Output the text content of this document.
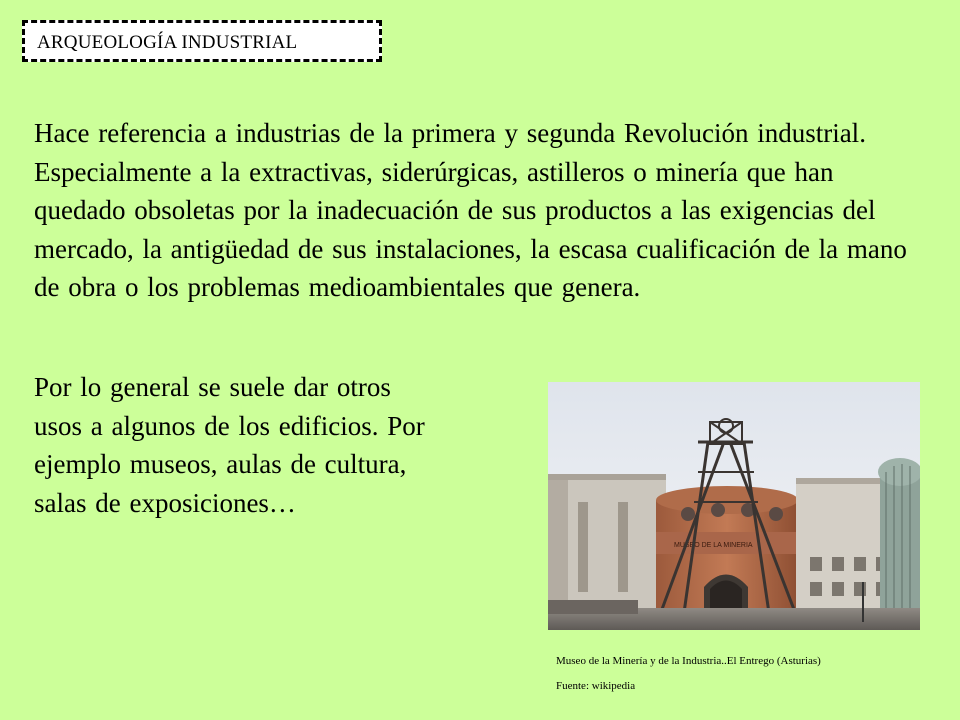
ARQUEOLOGÍA INDUSTRIAL

Hace referencia a industrias de la primera y segunda Revolución industrial. Especialmente a la extractivas, siderúrgicas, astilleros o minería que han quedado obsoletas por la inadecuación de sus productos a las exigencias del mercado, la antigüedad de sus instalaciones, la escasa cualificación de la mano de obra o los problemas medioambientales que genera.

Por lo general se suele dar otros usos a algunos de los edificios. Por ejemplo museos, aulas de cultura, salas de exposiciones…

MUSEO DE LA MINERIA
Museo de la Minería y de la Industria..El Entrego (Asturias)
Fuente: wikipedia
